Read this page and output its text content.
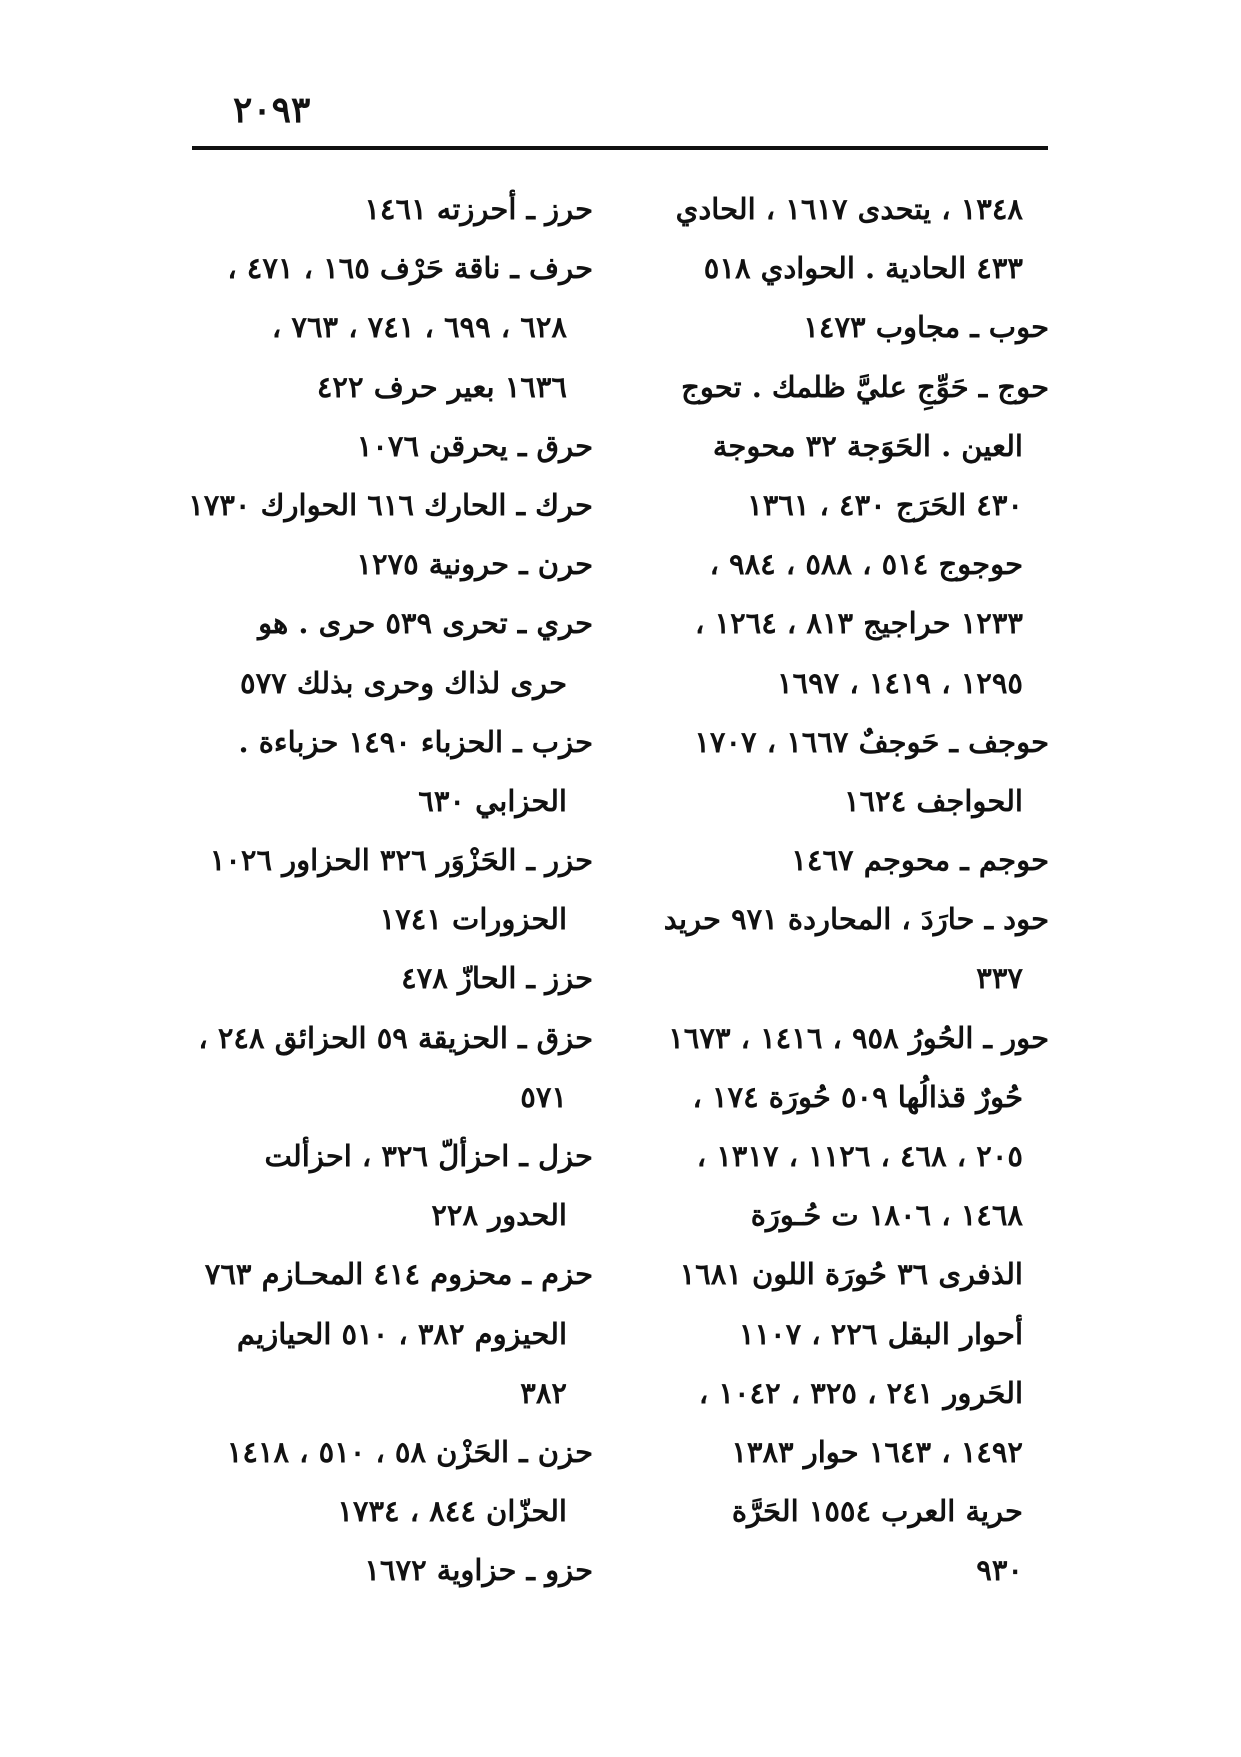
٢٠٩٣
١٣٤٨ ، يتحدى ١٦١٧ ، الحادي
٤٣٣ الحادية . الحوادي ٥١٨
حوب ـ مجاوب ١٤٧٣
حوج ـ حَوِّجِ عليَّ ظلمك . تحوج
العين . الحَوَجة ٣٢ محوجة
٤٣٠ الحَرَج ٤٣٠ ، ١٣٦١
حوجوج ٥١٤ ، ٥٨٨ ، ٩٨٤ ،
١٢٣٣ حراجيج ٨١٣ ، ١٢٦٤ ،
١٢٩٥ ، ١٤١٩ ، ١٦٩٧
حوجف ـ حَوجفٌ ١٦٦٧ ، ١٧٠٧
الحواجف ١٦٢٤
حوجم ـ محوجم ١٤٦٧
حود ـ حارَدَ ، المحاردة ٩٧١ حريد
٣٣٧
حور ـ الحُورُ ٩٥٨ ، ١٤١٦ ، ١٦٧٣
حُورٌ قذالُها ٥٠٩ حُورَة ١٧٤ ،
٢٠٥ ، ٤٦٨ ، ١١٢٦ ، ١٣١٧ ،
١٤٦٨ ، ١٨٠٦ ت حُـورَة
الذفرى ٣٦ حُورَة اللون ١٦٨١
أحوار البقل ٢٢٦ ، ١١٠٧
الحَرور ٢٤١ ، ٣٢٥ ، ١٠٤٢ ،
١٤٩٢ ، ١٦٤٣ حوار ١٣٨٣
حرية العرب ١٥٥٤ الحَرَّة
٩٣٠
حرز ـ أحرزته ١٤٦١
حرف ـ ناقة حَرْف ١٦٥ ، ٤٧١ ،
٦٢٨ ، ٦٩٩ ، ٧٤١ ، ٧٦٣ ،
١٦٣٦ بعير حرف ٤٢٢
حرق ـ يحرقن ١٠٧٦
حرك ـ الحارك ٦١٦ الحوارك ١٧٣٠
حرن ـ حرونية ١٢٧٥
حري ـ تحرى ٥٣٩ حرى . هو
حرى لذاك وحرى بذلك ٥٧٧
حزب ـ الحزباء ١٤٩٠ حزباءة .
الحزابي ٦٣٠
حزر ـ الحَزْوَر ٣٢٦ الحزاور ١٠٢٦
الحزورات ١٧٤١
حزز ـ الحازّ ٤٧٨
حزق ـ الحزيقة ٥٩ الحزائق ٢٤٨ ،
٥٧١
حزل ـ احزألّ ٣٢٦ ، احزألت
الحدور ٢٢٨
حزم ـ محزوم ٤١٤ المحـازم ٧٦٣
الحيزوم ٣٨٢ ، ٥١٠ الحيازيم
٣٨٢
حزن ـ الحَزْن ٥٨ ، ٥١٠ ، ١٤١٨
الحزّان ٨٤٤ ، ١٧٣٤
حزو ـ حزاوية ١٦٧٢
